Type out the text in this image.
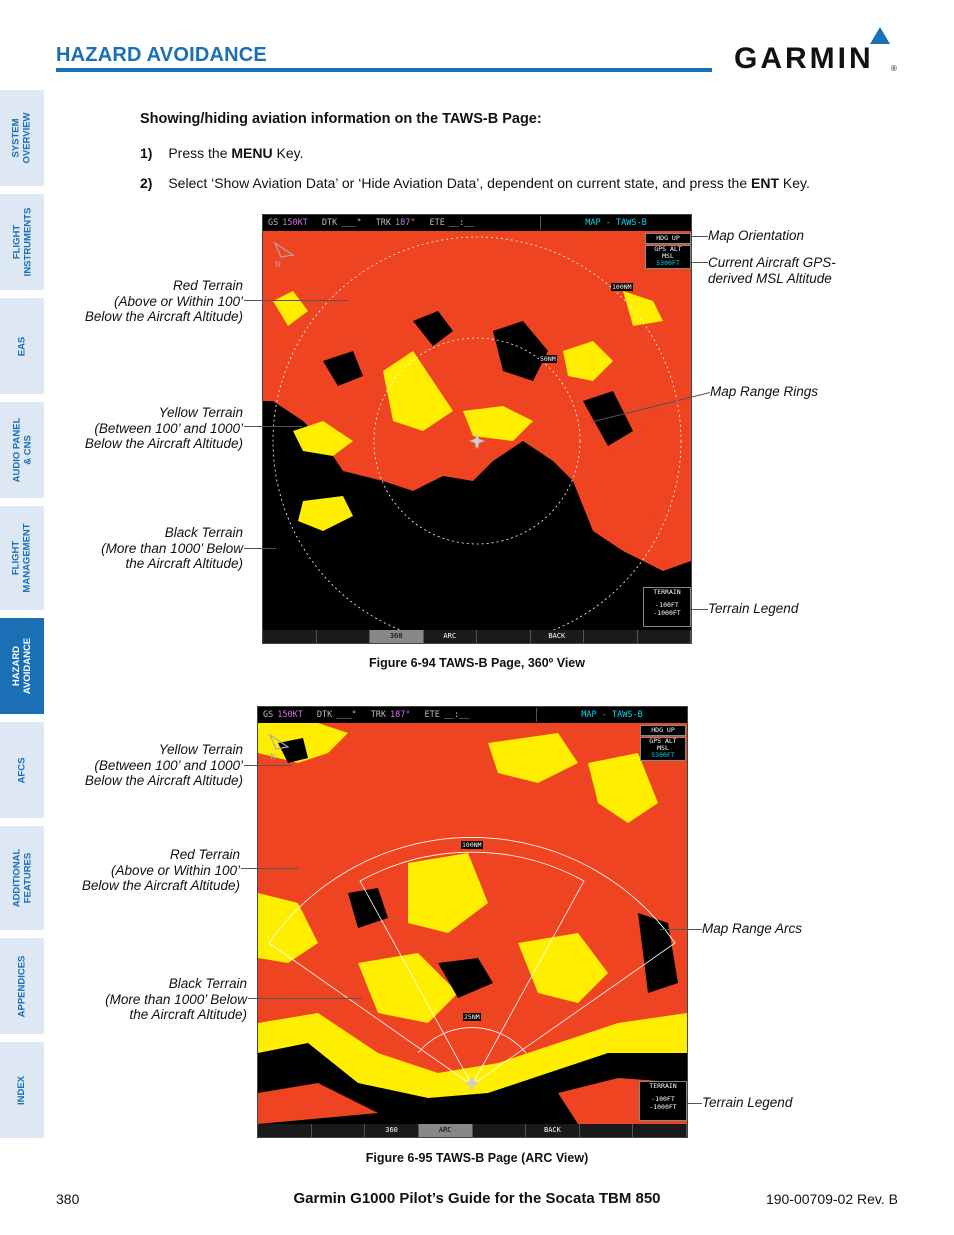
HAZARD AVOIDANCE	GARMIN ®
SYSTEM
OVERVIEW
FLIGHT
INSTRUMENTS
EAS
AUDIO PANEL
& CNS
FLIGHT
MANAGEMENT
HAZARD
AVOIDANCE
AFCS
ADDITIONAL
FEATURES
APPENDICES
INDEX
Showing/hiding aviation information on the TAWS-B Page:
1) Press the MENU Key.
2) Select ‘Show Aviation Data’ or ‘Hide Aviation Data’, dependent on current state, and press the ENT Key.
GS 150KT DTK ___° TRK 187° ETE __:__	MAP - TAWS-B
N
HDG UP
GPS ALT
MSL
5300FT
100NM
50NM
TERRAIN
-100FT
-1000FT
360	ARC	BACK
Red Terrain
(Above or Within 100’
Below the Aircraft Altitude)
Yellow Terrain
(Between 100’ and 1000’
Below the Aircraft Altitude)
Black Terrain
(More than 1000’ Below
the Aircraft Altitude)
Map Orientation
Current Aircraft GPS-
derived MSL Altitude
Map Range Rings
Terrain Legend
Figure 6-94 TAWS-B Page, 360º View
GS 150KT DTK ___° TRK 187° ETE __:__	MAP - TAWS-B
N
HDG UP
GPS ALT
MSL
5300FT
100NM
25NM
TERRAIN
-100FT
-1000FT
360	ARC	BACK
Yellow Terrain
(Between 100’ and 1000’
Below the Aircraft Altitude)
Red Terrain
(Above or Within 100’
Below the Aircraft Altitude)
Black Terrain
(More than 1000’ Below
the Aircraft Altitude)
Map Range Arcs
Terrain Legend
Figure 6-95 TAWS-B Page (ARC View)
380	Garmin G1000 Pilot’s Guide for the Socata TBM 850	190-00709-02 Rev. B
